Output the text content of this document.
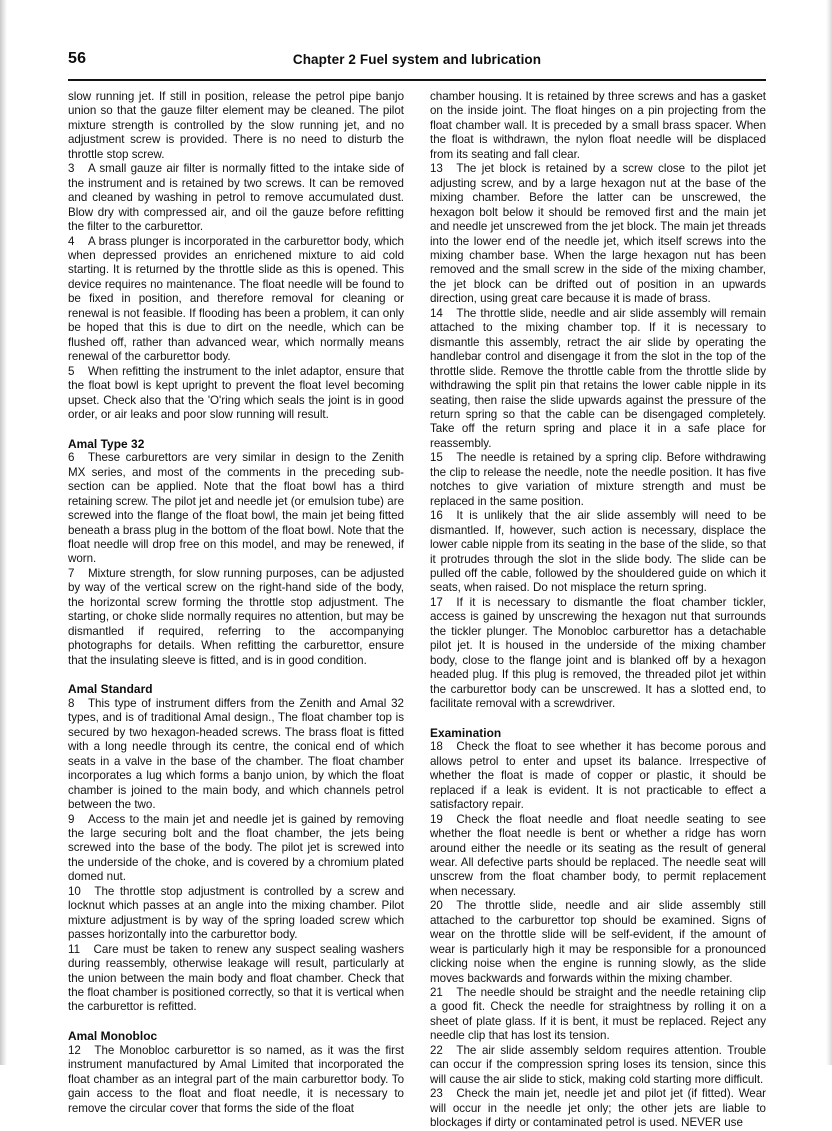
56	Chapter 2 Fuel system and lubrication

slow running jet. If still in position, release the petrol pipe banjo union so that the gauze filter element may be cleaned. The pilot mixture strength is controlled by the slow running jet, and no adjustment screw is provided. There is no need to disturb the throttle stop screw.

3  A small gauze air filter is normally fitted to the intake side of the instrument and is retained by two screws. It can be removed and cleaned by washing in petrol to remove accumulated dust. Blow dry with compressed air, and oil the gauze before refitting the filter to the carburettor.

4  A brass plunger is incorporated in the carburettor body, which when depressed provides an enrichened mixture to aid cold starting. It is returned by the throttle slide as this is opened. This device requires no maintenance. The float needle will be found to be fixed in position, and therefore removal for cleaning or renewal is not feasible. If flooding has been a problem, it can only be hoped that this is due to dirt on the needle, which can be flushed off, rather than advanced wear, which normally means renewal of the carburettor body.

5  When refitting the instrument to the inlet adaptor, ensure that the float bowl is kept upright to prevent the float level becoming upset. Check also that the 'O'ring which seals the joint is in good order, or air leaks and poor slow running will result.

Amal Type 32

6  These carburettors are very similar in design to the Zenith MX series, and most of the comments in the preceding sub-section can be applied. Note that the float bowl has a third retaining screw. The pilot jet and needle jet (or emulsion tube) are screwed into the flange of the float bowl, the main jet being fitted beneath a brass plug in the bottom of the float bowl. Note that the float needle will drop free on this model, and may be renewed, if worn.

7  Mixture strength, for slow running purposes, can be adjusted by way of the vertical screw on the right-hand side of the body, the horizontal screw forming the throttle stop adjustment. The starting, or choke slide normally requires no attention, but may be dismantled if required, referring to the accompanying photographs for details. When refitting the carburettor, ensure that the insulating sleeve is fitted, and is in good condition.

Amal Standard

8  This type of instrument differs from the Zenith and Amal 32 types, and is of traditional Amal design., The float chamber top is secured by two hexagon-headed screws. The brass float is fitted with a long needle through its centre, the conical end of which seats in a valve in the base of the chamber. The float chamber incorporates a lug which forms a banjo union, by which the float chamber is joined to the main body, and which channels petrol between the two.

9  Access to the main jet and needle jet is gained by removing the large securing bolt and the float chamber, the jets being screwed into the base of the body. The pilot jet is screwed into the underside of the choke, and is covered by a chromium plated domed nut.

10  The throttle stop adjustment is controlled by a screw and locknut which passes at an angle into the mixing chamber. Pilot mixture adjustment is by way of the spring loaded screw which passes horizontally into the carburettor body.

11  Care must be taken to renew any suspect sealing washers during reassembly, otherwise leakage will result, particularly at the union between the main body and float chamber. Check that the float chamber is positioned correctly, so that it is vertical when the carburettor is refitted.

Amal Monobloc

12  The Monobloc carburettor is so named, as it was the first instrument manufactured by Amal Limited that incorporated the float chamber as an integral part of the main carburettor body. To gain access to the float and float needle, it is necessary to remove the circular cover that forms the side of the float

chamber housing. It is retained by three screws and has a gasket on the inside joint. The float hinges on a pin projecting from the float chamber wall. It is preceded by a small brass spacer. When the float is withdrawn, the nylon float needle will be displaced from its seating and fall clear.

13  The jet block is retained by a screw close to the pilot jet adjusting screw, and by a large hexagon nut at the base of the mixing chamber. Before the latter can be unscrewed, the hexagon bolt below it should be removed first and the main jet and needle jet unscrewed from the jet block. The main jet threads into the lower end of the needle jet, which itself screws into the mixing chamber base. When the large hexagon nut has been removed and the small screw in the side of the mixing chamber, the jet block can be drifted out of position in an upwards direction, using great care because it is made of brass.

14  The throttle slide, needle and air slide assembly will remain attached to the mixing chamber top. If it is necessary to dismantle this assembly, retract the air slide by operating the handlebar control and disengage it from the slot in the top of the throttle slide. Remove the throttle cable from the throttle slide by withdrawing the split pin that retains the lower cable nipple in its seating, then raise the slide upwards against the pressure of the return spring so that the cable can be disengaged completely. Take off the return spring and place it in a safe place for reassembly.

15  The needle is retained by a spring clip. Before withdrawing the clip to release the needle, note the needle position. It has five notches to give variation of mixture strength and must be replaced in the same position.

16  It is unlikely that the air slide assembly will need to be dismantled. If, however, such action is necessary, displace the lower cable nipple from its seating in the base of the slide, so that it protrudes through the slot in the slide body. The slide can be pulled off the cable, followed by the shouldered guide on which it seats, when raised. Do not misplace the return spring.

17  If it is necessary to dismantle the float chamber tickler, access is gained by unscrewing the hexagon nut that surrounds the tickler plunger. The Monobloc carburettor has a detachable pilot jet. It is housed in the underside of the mixing chamber body, close to the flange joint and is blanked off by a hexagon headed plug. If this plug is removed, the threaded pilot jet within the carburettor body can be unscrewed. It has a slotted end, to facilitate removal with a screwdriver.

Examination

18  Check the float to see whether it has become porous and allows petrol to enter and upset its balance. Irrespective of whether the float is made of copper or plastic, it should be replaced if a leak is evident. It is not practicable to effect a satisfactory repair.

19  Check the float needle and float needle seating to see whether the float needle is bent or whether a ridge has worn around either the needle or its seating as the result of general wear. All defective parts should be replaced. The needle seat will unscrew from the float chamber body, to permit replacement when necessary.

20  The throttle slide, needle and air slide assembly still attached to the carburettor top should be examined. Signs of wear on the throttle slide will be self-evident, if the amount of wear is particularly high it may be responsible for a pronounced clicking noise when the engine is running slowly, as the slide moves backwards and forwards within the mixing chamber.

21  The needle should be straight and the needle retaining clip a good fit. Check the needle for straightness by rolling it on a sheet of plate glass. If it is bent, it must be replaced. Reject any needle clip that has lost its tension.

22  The air slide assembly seldom requires attention. Trouble can occur if the compression spring loses its tension, since this will cause the air slide to stick, making cold starting more difficult.

23  Check the main jet, needle jet and pilot jet (if fitted). Wear will occur in the needle jet only; the other jets are liable to blockages if dirty or contaminated petrol is used. NEVER use
